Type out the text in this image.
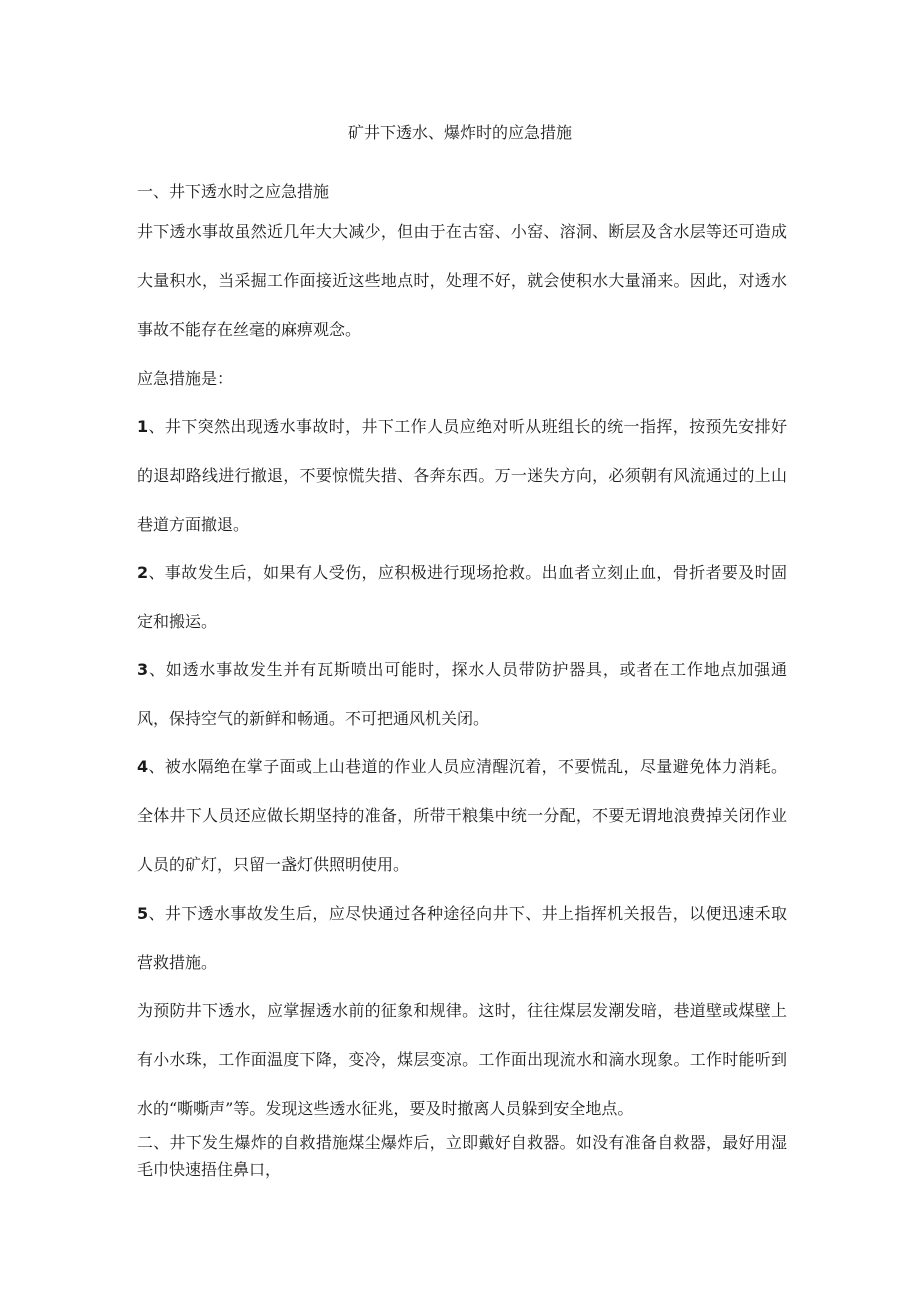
矿井下透水、爆炸时的应急措施

一、井下透水时之应急措施

井下透水事故虽然近几年大大减少，但由于在古窑、小窑、溶洞、断层及含水层等还可造成大量积水，当采掘工作面接近这些地点时，处理不好，就会使积水大量涌来。因此，对透水事故不能存在丝毫的麻痹观念。

应急措施是：

1、井下突然出现透水事故时，井下工作人员应绝对听从班组长的统一指挥，按预先安排好的退却路线进行撤退，不要惊慌失措、各奔东西。万一迷失方向，必须朝有风流通过的上山巷道方面撤退。

2、事故发生后，如果有人受伤，应积极进行现场抢救。出血者立刻止血，骨折者要及时固定和搬运。

3、如透水事故发生并有瓦斯喷出可能时，探水人员带防护器具，或者在工作地点加强通风，保持空气的新鲜和畅通。不可把通风机关闭。

4、被水隔绝在掌子面或上山巷道的作业人员应清醒沉着，不要慌乱，尽量避免体力消耗。全体井下人员还应做长期坚持的准备，所带干粮集中统一分配，不要无谓地浪费掉关闭作业人员的矿灯，只留一盏灯供照明使用。

5、井下透水事故发生后，应尽快通过各种途径向井下、井上指挥机关报告，以便迅速禾取营救措施。

为预防井下透水，应掌握透水前的征象和规律。这时，往往煤层发潮发暗，巷道壁或煤壁上有小水珠，工作面温度下降，变冷，煤层变凉。工作面出现流水和滴水现象。工作时能听到水的“嘶嘶声”等。发现这些透水征兆，要及时撤离人员躲到安全地点。

二、井下发生爆炸的自救措施煤尘爆炸后，立即戴好自救器。如没有准备自救器，最好用湿毛巾快速捂住鼻口，
